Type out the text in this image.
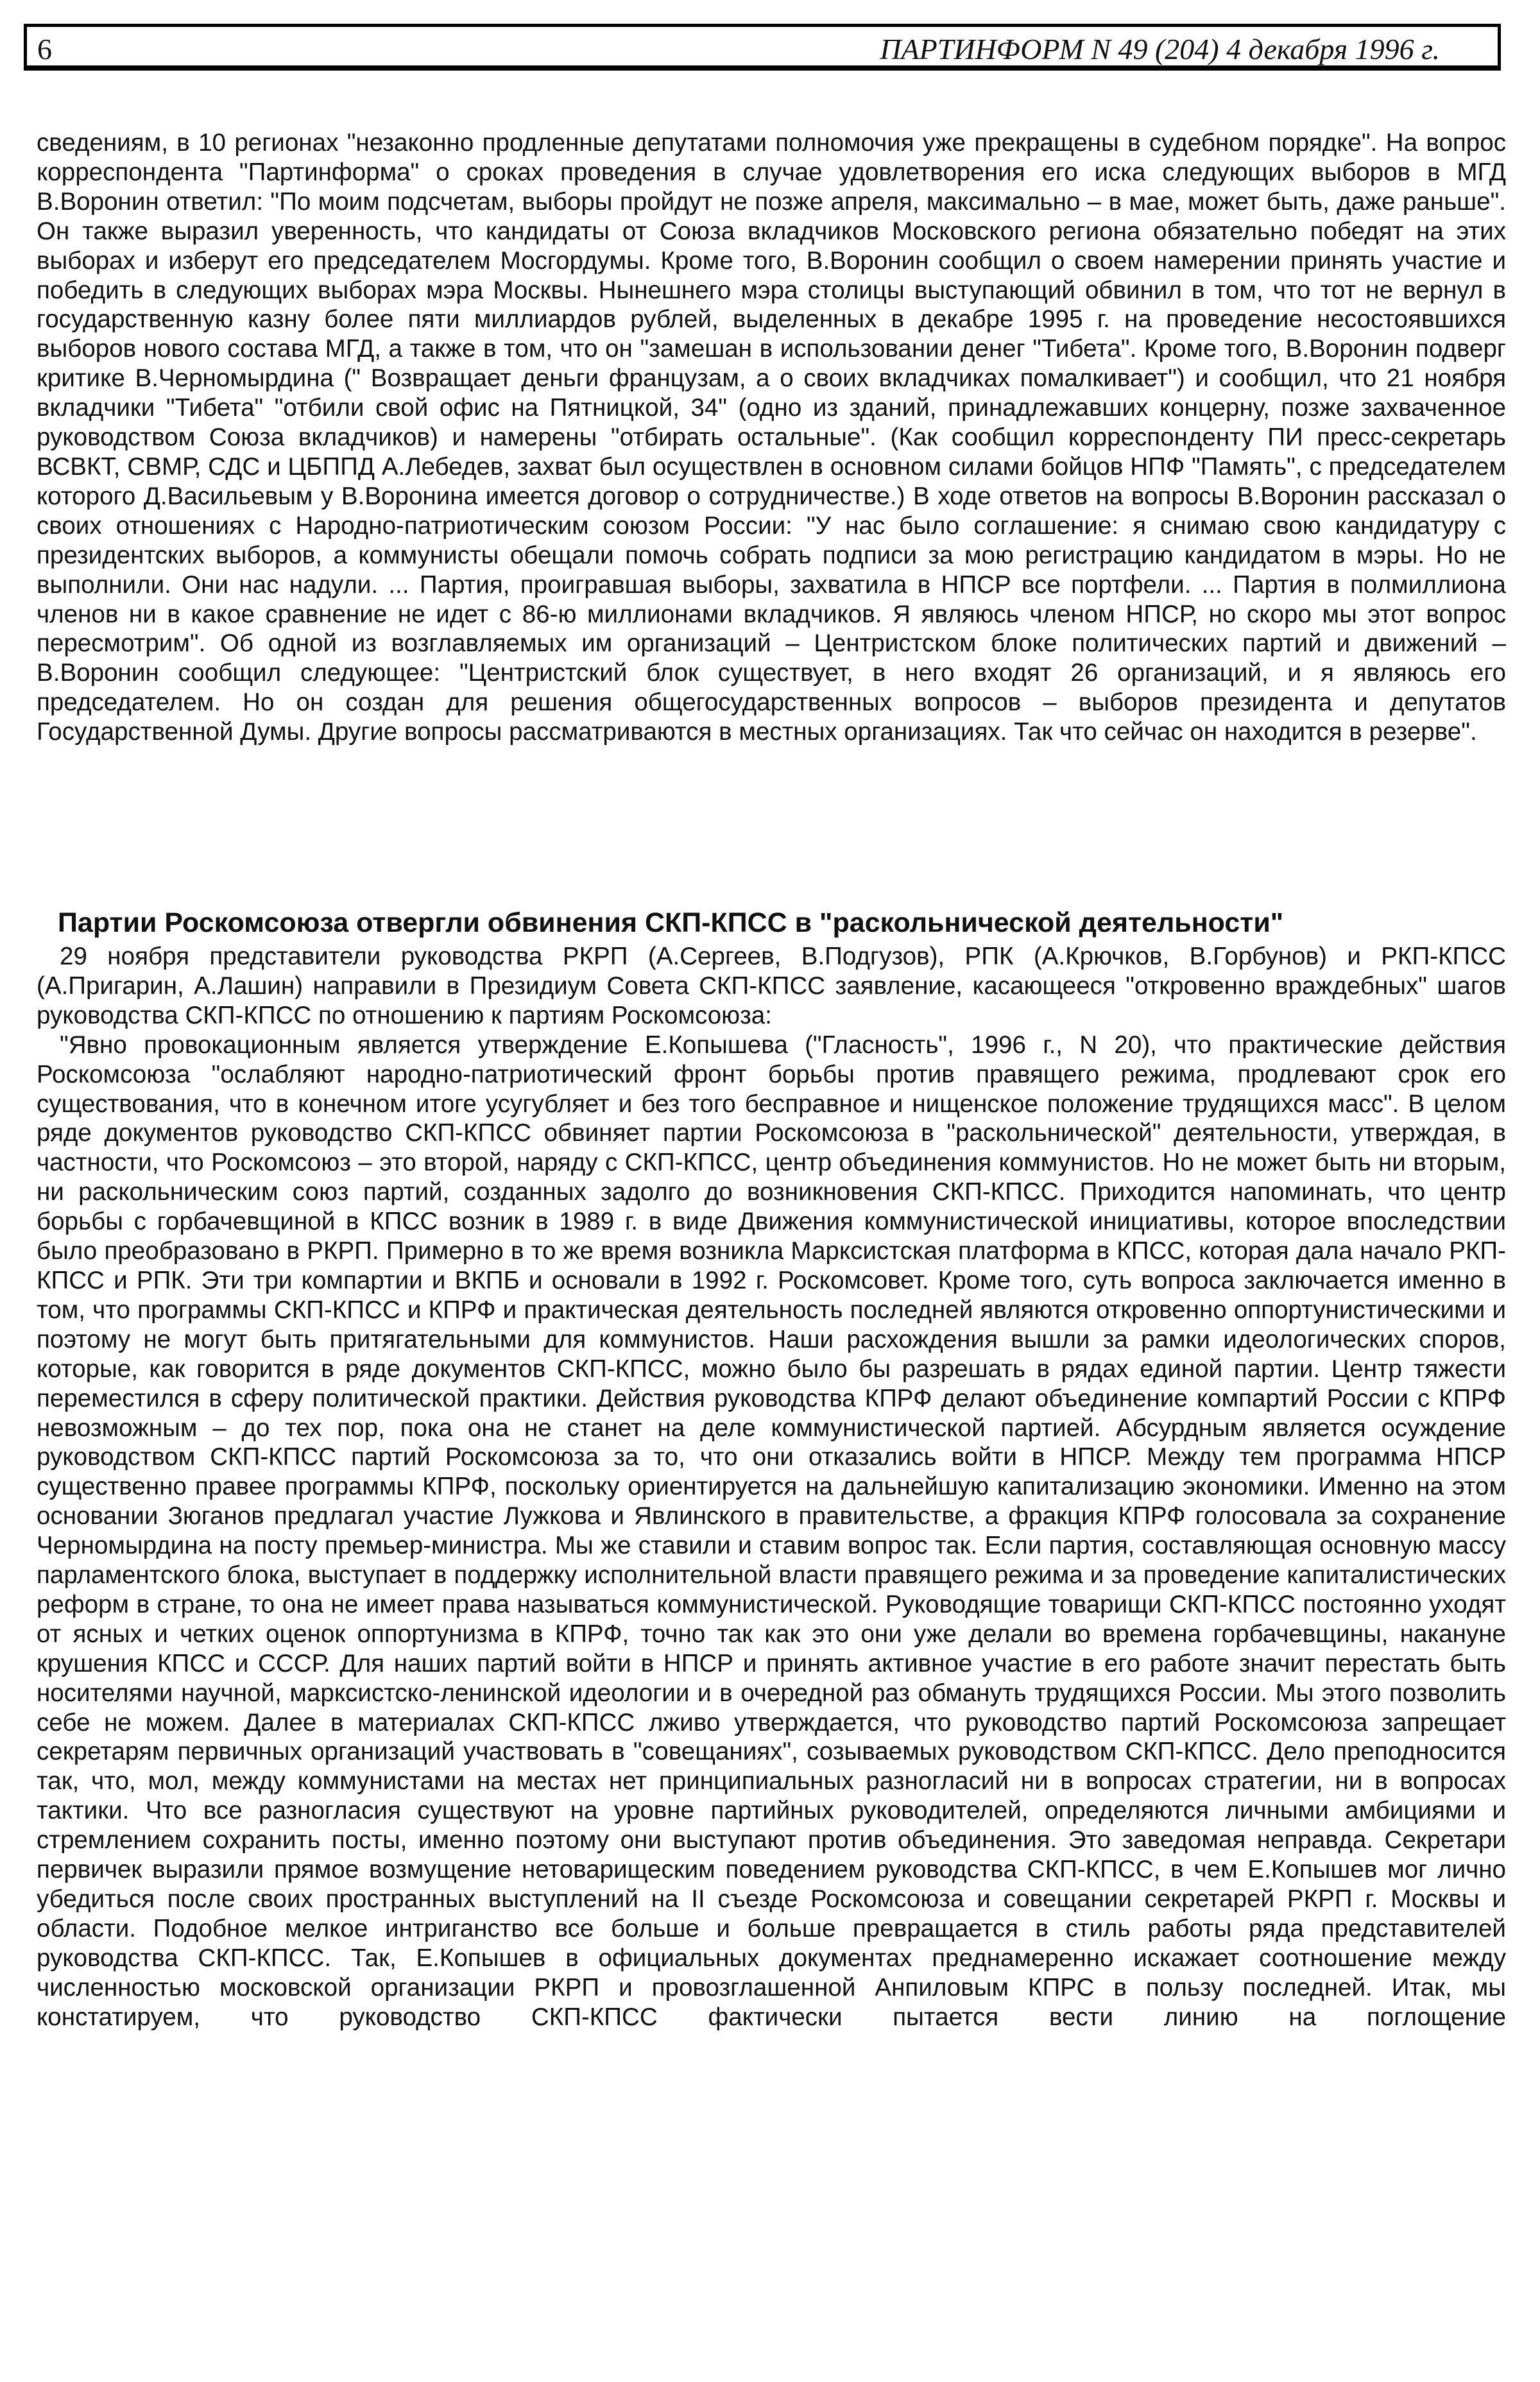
6	ПАРТИНФОРМ N 49 (204) 4 декабря 1996 г.

сведениям, в 10 регионах "незаконно продленные депутатами полномочия уже прекращены в судебном порядке". На вопрос корреспондента "Партинформа" о сроках проведения в случае удовлетворения его иска следующих выборов в МГД В.Воронин ответил: "По моим подсчетам, выборы пройдут не позже апреля, максимально – в мае, может быть, даже раньше". Он также выразил уверенность, что кандидаты от Союза вкладчиков Московского региона обязательно победят на этих выборах и изберут его председателем Мосгордумы. Кроме того, В.Воронин сообщил о своем намерении принять участие и победить в следующих выборах мэра Москвы. Нынешнего мэра столицы выступающий обвинил в том, что тот не вернул в государственную казну более пяти миллиардов рублей, выделенных в декабре 1995 г. на проведение несостоявшихся выборов нового состава МГД, а также в том, что он "замешан в использовании денег "Тибета". Кроме того, В.Воронин подверг критике В.Черномырдина (" Возвращает деньги французам, а о своих вкладчиках помалкивает") и сообщил, что 21 ноября вкладчики "Тибета" "отбили свой офис на Пятницкой, 34" (одно из зданий, принадлежавших концерну, позже захваченное руководством Союза вкладчиков) и намерены "отбирать остальные". (Как сообщил корреспонденту ПИ пресс-секретарь ВСВКТ, СВМР, СДС и ЦБППД А.Лебедев, захват был осуществлен в основном силами бойцов НПФ "Память", с председателем которого Д.Васильевым у В.Воронина имеется договор о сотрудничестве.) В ходе ответов на вопросы В.Воронин рассказал о своих отношениях с Народно-патриотическим союзом России: "У нас было соглашение: я снимаю свою кандидатуру с президентских выборов, а коммунисты обещали помочь собрать подписи за мою регистрацию кандидатом в мэры. Но не выполнили. Они нас надули. ... Партия, проигравшая выборы, захватила в НПСР все портфели. ... Партия в полмиллиона членов ни в какое сравнение не идет с 86-ю миллионами вкладчиков. Я являюсь членом НПСР, но скоро мы этот вопрос пересмотрим". Об одной из возглавляемых им организаций – Центристском блоке политических партий и движений – В.Воронин сообщил следующее: "Центристский блок существует, в него входят 26 организаций, и я являюсь его председателем. Но он создан для решения общегосударственных вопросов – выборов президента и депутатов Государственной Думы. Другие вопросы рассматриваются в местных организациях. Так что сейчас он находится в резерве".

Партии Роскомсоюза отвергли обвинения СКП-КПСС в "раскольнической деятельности"

29 ноября представители руководства РКРП (А.Сергеев, В.Подгузов), РПК (А.Крючков, В.Горбунов) и РКП-КПСС (А.Пригарин, А.Лашин) направили в Президиум Совета СКП-КПСС заявление, касающееся "откровенно враждебных" шагов руководства СКП-КПСС по отношению к партиям Роскомсоюза:

"Явно провокационным является утверждение Е.Копышева ("Гласность", 1996 г., N 20), что практические действия Роскомсоюза "ослабляют народно-патриотический фронт борьбы против правящего режима, продлевают срок его существования, что в конечном итоге усугубляет и без того бесправное и нищенское положение трудящихся масс". В целом ряде документов руководство СКП-КПСС обвиняет партии Роскомсоюза в "раскольнической" деятельности, утверждая, в частности, что Роскомсоюз – это второй, наряду с СКП-КПСС, центр объединения коммунистов. Но не может быть ни вторым, ни раскольническим союз партий, созданных задолго до возникновения СКП-КПСС. Приходится напоминать, что центр борьбы с горбачевщиной в КПСС возник в 1989 г. в виде Движения коммунистической инициативы, которое впоследствии было преобразовано в РКРП. Примерно в то же время возникла Марксистская платформа в КПСС, которая дала начало РКП-КПСС и РПК. Эти три компартии и ВКПБ и основали в 1992 г. Роскомсовет. Кроме того, суть вопроса заключается именно в том, что программы СКП-КПСС и КПРФ и практическая деятельность последней являются откровенно оппортунистическими и поэтому не могут быть притягательными для коммунистов. Наши расхождения вышли за рамки идеологических споров, которые, как говорится в ряде документов СКП-КПСС, можно было бы разрешать в рядах единой партии. Центр тяжести переместился в сферу политической практики. Действия руководства КПРФ делают объединение компартий России с КПРФ невозможным – до тех пор, пока она не станет на деле коммунистической партией. Абсурдным является осуждение руководством СКП-КПСС партий Роскомсоюза за то, что они отказались войти в НПСР. Между тем программа НПСР существенно правее программы КПРФ, поскольку ориентируется на дальнейшую капитализацию экономики. Именно на этом основании Зюганов предлагал участие Лужкова и Явлинского в правительстве, а фракция КПРФ голосовала за сохранение Черномырдина на посту премьер-министра. Мы же ставили и ставим вопрос так. Если партия, составляющая основную массу парламентского блока, выступает в поддержку исполнительной власти правящего режима и за проведение капиталистических реформ в стране, то она не имеет права называться коммунистической. Руководящие товарищи СКП-КПСС постоянно уходят от ясных и четких оценок оппортунизма в КПРФ, точно так как это они уже делали во времена горбачевщины, накануне крушения КПСС и СССР. Для наших партий войти в НПСР и принять активное участие в его работе значит перестать быть носителями научной, марксистско-ленинской идеологии и в очередной раз обмануть трудящихся России. Мы этого позволить себе не можем. Далее в материалах СКП-КПСС лживо утверждается, что руководство партий Роскомсоюза запрещает секретарям первичных организаций участвовать в "совещаниях", созываемых руководством СКП-КПСС. Дело преподносится так, что, мол, между коммунистами на местах нет принципиальных разногласий ни в вопросах стратегии, ни в вопросах тактики. Что все разногласия существуют на уровне партийных руководителей, определяются личными амбициями и стремлением сохранить посты, именно поэтому они выступают против объединения. Это заведомая неправда. Секретари первичек выразили прямое возмущение нетоварищеским поведением руководства СКП-КПСС, в чем Е.Копышев мог лично убедиться после своих пространных выступлений на II съезде Роскомсоюза и совещании секретарей РКРП г. Москвы и области. Подобное мелкое интриганство все больше и больше превращается в стиль работы ряда представителей руководства СКП-КПСС. Так, Е.Копышев в официальных документах преднамеренно искажает соотношение между численностью московской организации РКРП и провозглашенной Анпиловым КПРС в пользу последней. Итак, мы констатируем, что руководство СКП-КПСС фактически пытается вести линию на поглощение
